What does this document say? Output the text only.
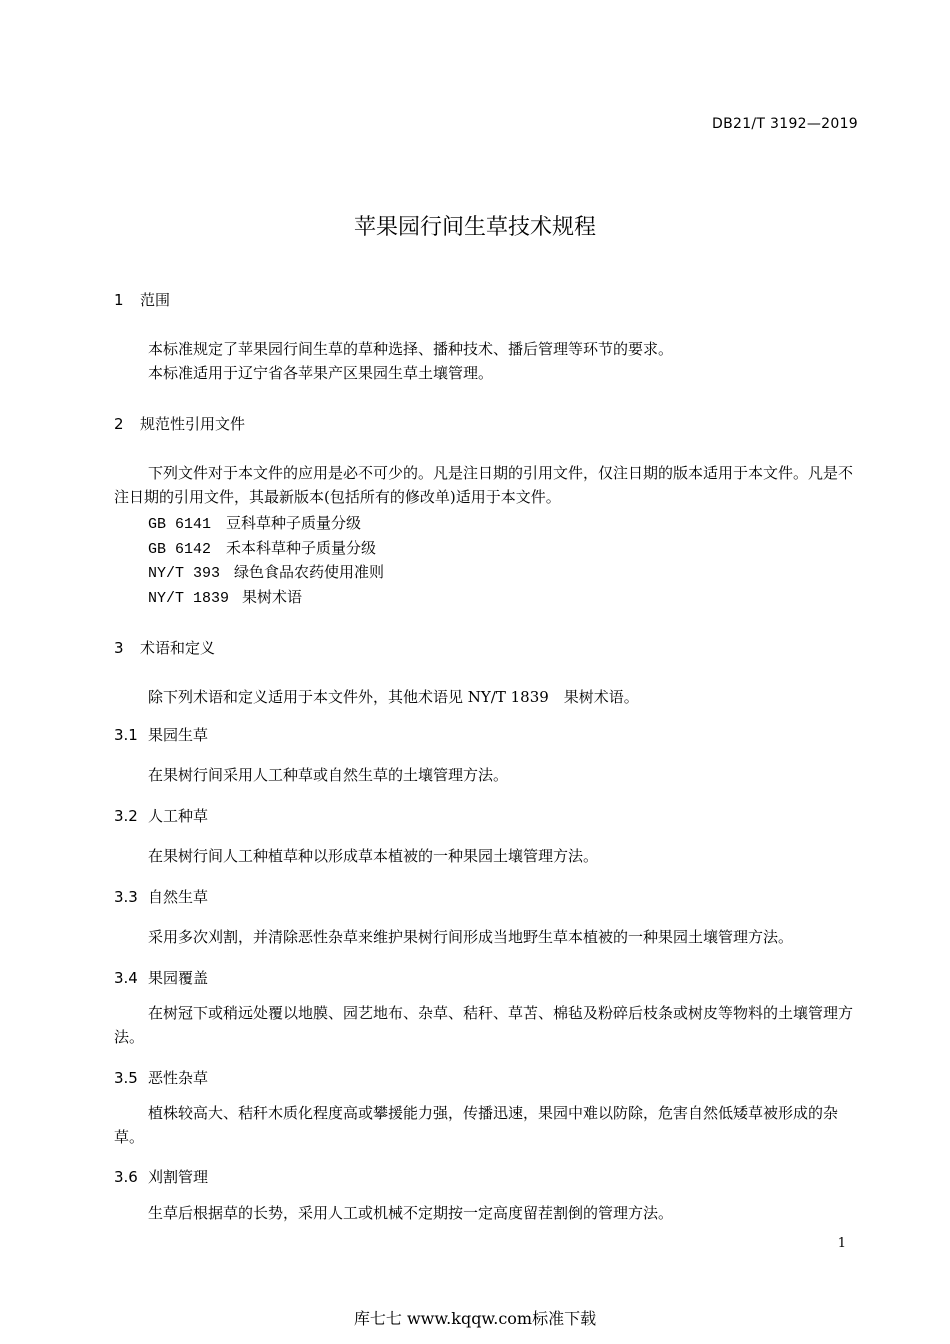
DB21/T 3192—2019
苹果园行间生草技术规程
1 范围
本标准规定了苹果园行间生草的草种选择、播种技术、播后管理等环节的要求。
本标准适用于辽宁省各苹果产区果园生草土壤管理。
2 规范性引用文件
下列文件对于本文件的应用是必不可少的。凡是注日期的引用文件，仅注日期的版本适用于本文件。凡是不注日期的引用文件，其最新版本(包括所有的修改单)适用于本文件。
GB 6141 豆科草种子质量分级
GB 6142 禾本科草种子质量分级
NY/T 393 绿色食品农药使用准则
NY/T 1839 果树术语
3 术语和定义
除下列术语和定义适用于本文件外，其他术语见 NY/T 1839　果树术语。
3.1 果园生草
在果树行间采用人工种草或自然生草的土壤管理方法。
3.2 人工种草
在果树行间人工种植草种以形成草本植被的一种果园土壤管理方法。
3.3 自然生草
采用多次刈割，并清除恶性杂草来维护果树行间形成当地野生草本植被的一种果园土壤管理方法。
3.4 果园覆盖
在树冠下或稍远处覆以地膜、园艺地布、杂草、秸秆、草苫、棉毡及粉碎后枝条或树皮等物料的土壤管理方法。
3.5 恶性杂草
植株较高大、秸秆木质化程度高或攀援能力强，传播迅速，果园中难以防除，危害自然低矮草被形成的杂草。
3.6 刈割管理
生草后根据草的长势，采用人工或机械不定期按一定高度留茬割倒的管理方法。
1
库七七 www.kqqw.com标准下载
